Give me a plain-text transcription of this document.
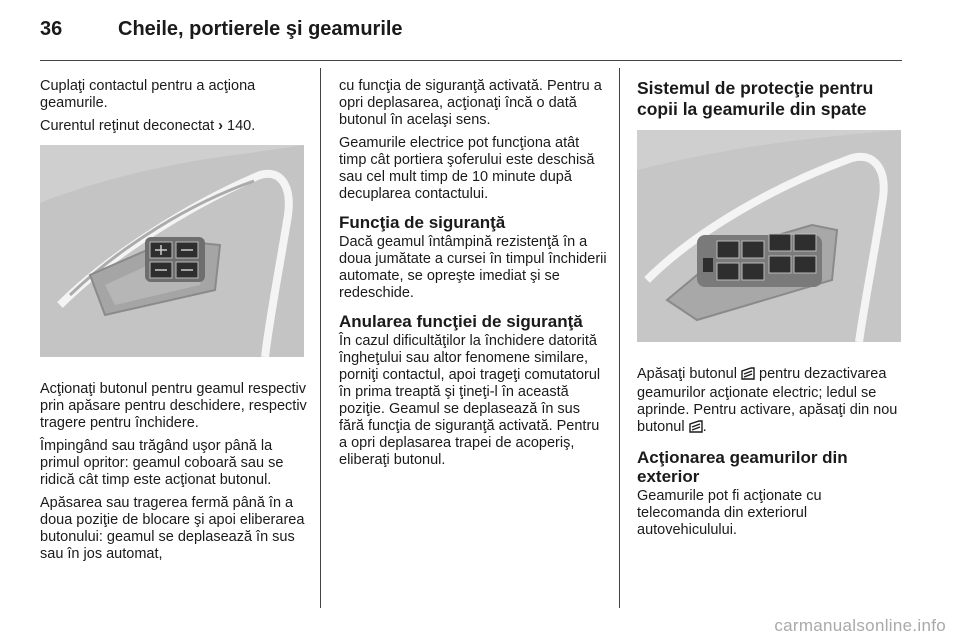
36	Cheile, portierele şi geamurile

Cuplaţi contactul pentru a acţiona geamurile.

Curentul reţinut deconectat › 140.

Acţionaţi butonul pentru geamul respectiv prin apăsare pentru deschidere, respectiv tragere pentru închidere.

Împingând sau trăgând uşor până la primul opritor: geamul coboară sau se ridică cât timp este acţionat butonul.

Apăsarea sau tragerea fermă până în a doua poziţie de blocare şi apoi eliberarea butonului: geamul se deplasează în sus sau în jos automat,

cu funcţia de siguranţă activată. Pentru a opri deplasarea, acţionaţi încă o dată butonul în acelaşi sens.

Geamurile electrice pot funcţiona atât timp cât portiera şoferului este deschisă sau cel mult timp de 10 minute după decuplarea contactului.

Funcţia de siguranţă

Dacă geamul întâmpină rezistenţă în a doua jumătate a cursei în timpul închiderii automate, se opreşte imediat şi se redeschide.

Anularea funcţiei de siguranţă

În cazul dificultăţilor la închidere datorită îngheţului sau altor fenomene similare, porniţi contactul, apoi trageţi comutatorul în prima treaptă şi ţineţi-l în această poziţie. Geamul se deplasează în sus fără funcţia de siguranţă activată. Pentru a opri deplasarea trapei de acoperiş, eliberaţi butonul.

Sistemul de protecţie pentru copii la geamurile din spate

Apăsaţi butonul pentru dezactivarea geamurilor acţionate electric; ledul se aprinde. Pentru activare, apăsaţi din nou butonul .

Acţionarea geamurilor din exterior

Geamurile pot fi acţionate cu telecomanda din exteriorul autovehiculului.

carmanualsonline.info
